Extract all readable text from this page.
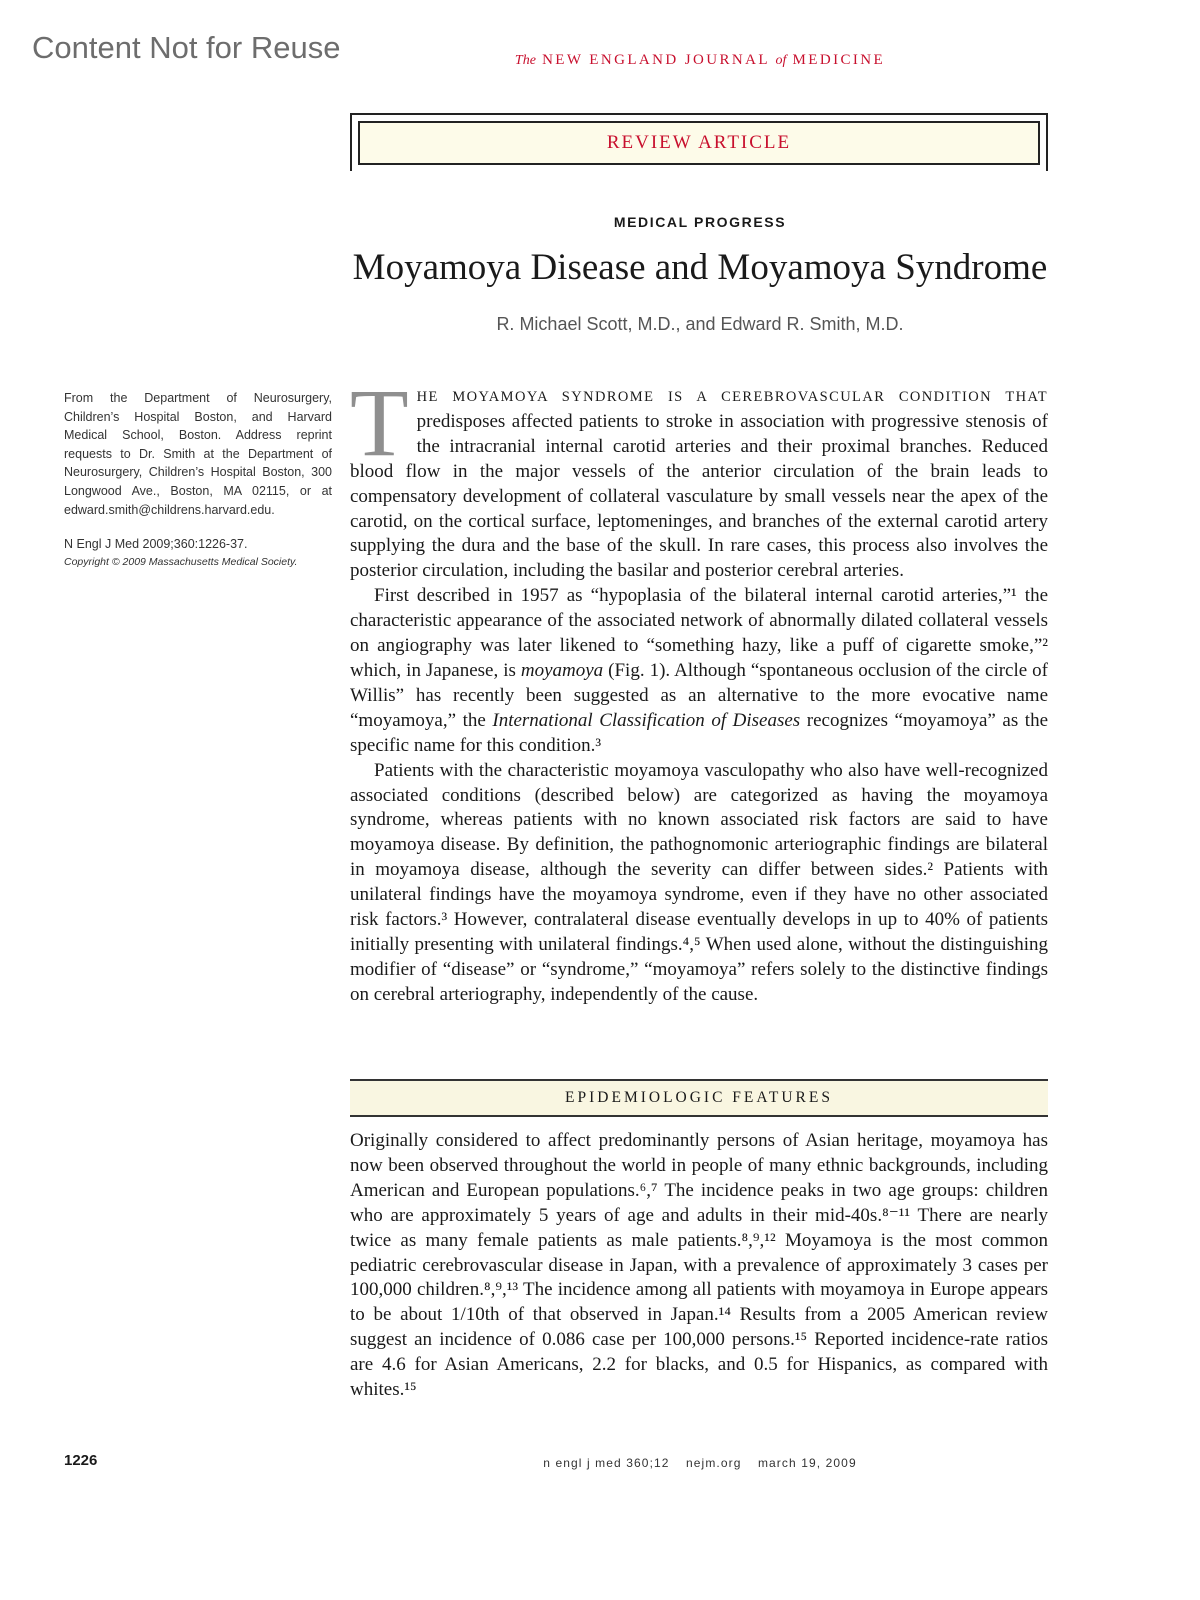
Content Not for Reuse	The NEW ENGLAND JOURNAL of MEDICINE
REVIEW ARTICLE
MEDICAL PROGRESS
Moyamoya Disease and Moyamoya Syndrome
R. Michael Scott, M.D., and Edward R. Smith, M.D.
From the Department of Neurosurgery, Children’s Hospital Boston, and Harvard Medical School, Boston. Address reprint requests to Dr. Smith at the Department of Neurosurgery, Children’s Hospital Boston, 300 Longwood Ave., Boston, MA 02115, or at edward.smith@childrens.harvard.edu.
N Engl J Med 2009;360:1226-37.
Copyright © 2009 Massachusetts Medical Society.

THE MOYAMOYA SYNDROME IS A CEREBROVASCULAR CONDITION THAT predisposes affected patients to stroke in association with progressive stenosis of the intracranial internal carotid arteries and their proximal branches. Reduced blood flow in the major vessels of the anterior circulation of the brain leads to compensatory development of collateral vasculature by small vessels near the apex of the carotid, on the cortical surface, leptomeninges, and branches of the external carotid artery supplying the dura and the base of the skull. In rare cases, this process also involves the posterior circulation, including the basilar and posterior cerebral arteries.

First described in 1957 as “hypoplasia of the bilateral internal carotid arteries,”¹ the characteristic appearance of the associated network of abnormally dilated collateral vessels on angiography was later likened to “something hazy, like a puff of cigarette smoke,”² which, in Japanese, is moyamoya (Fig. 1). Although “spontaneous occlusion of the circle of Willis” has recently been suggested as an alternative to the more evocative name “moyamoya,” the International Classification of Diseases recognizes “moyamoya” as the specific name for this condition.³

Patients with the characteristic moyamoya vasculopathy who also have well-recognized associated conditions (described below) are categorized as having the moyamoya syndrome, whereas patients with no known associated risk factors are said to have moyamoya disease. By definition, the pathognomonic arteriographic findings are bilateral in moyamoya disease, although the severity can differ between sides.² Patients with unilateral findings have the moyamoya syndrome, even if they have no other associated risk factors.³ However, contralateral disease eventually develops in up to 40% of patients initially presenting with unilateral findings.⁴,⁵ When used alone, without the distinguishing modifier of “disease” or “syndrome,” “moyamoya” refers solely to the distinctive findings on cerebral arteriography, independently of the cause.

EPIDEMIOLOGIC FEATURES

Originally considered to affect predominantly persons of Asian heritage, moyamoya has now been observed throughout the world in people of many ethnic backgrounds, including American and European populations.⁶,⁷ The incidence peaks in two age groups: children who are approximately 5 years of age and adults in their mid-40s.⁸⁻¹¹ There are nearly twice as many female patients as male patients.⁸,⁹,¹² Moyamoya is the most common pediatric cerebrovascular disease in Japan, with a prevalence of approximately 3 cases per 100,000 children.⁸,⁹,¹³ The incidence among all patients with moyamoya in Europe appears to be about 1/10th of that observed in Japan.¹⁴ Results from a 2005 American review suggest an incidence of 0.086 case per 100,000 persons.¹⁵ Reported incidence-rate ratios are 4.6 for Asian Americans, 2.2 for blacks, and 0.5 for Hispanics, as compared with whites.¹⁵

1226	n engl j med 360;12 nejm.org march 19, 2009
